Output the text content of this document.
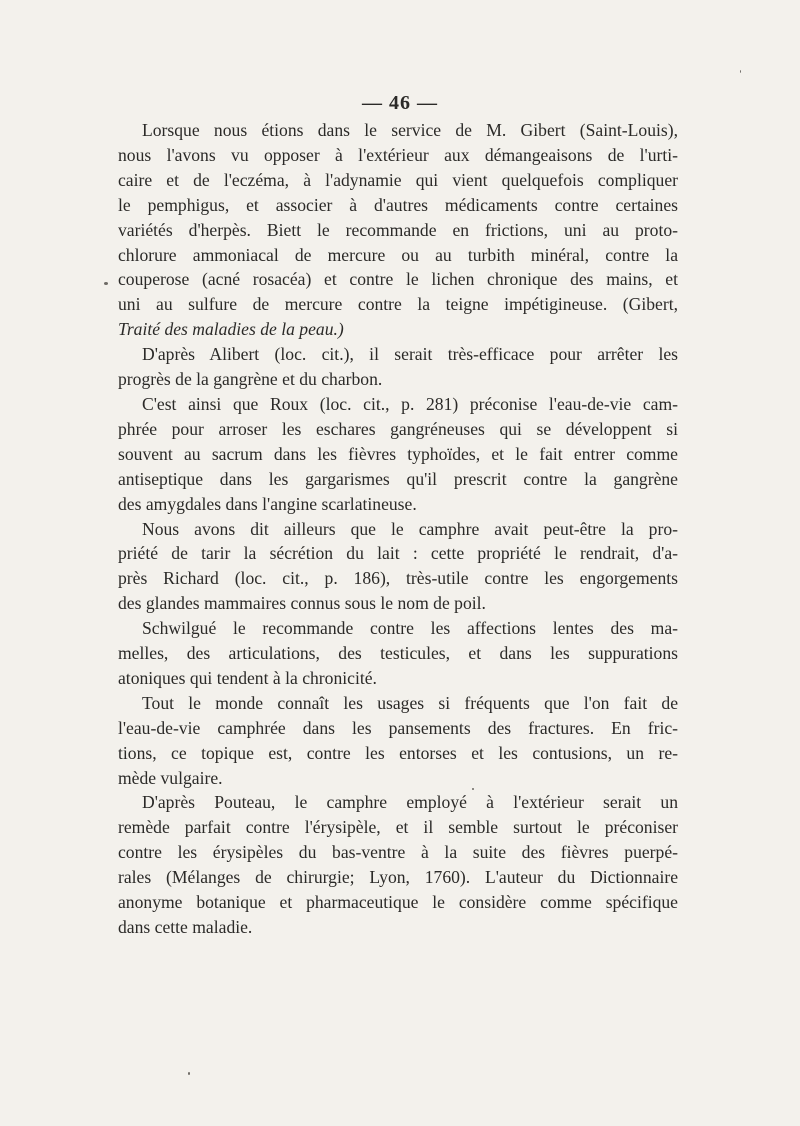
— 46 —

Lorsque nous étions dans le service de M. Gibert (Saint-Louis),
nous l'avons vu opposer à l'extérieur aux démangeaisons de l'urti-
caire et de l'eczéma, à l'adynamie qui vient quelquefois compliquer
le pemphigus, et associer à d'autres médicaments contre certaines
variétés d'herpès. Biett le recommande en frictions, uni au proto-
chlorure ammoniacal de mercure ou au turbith minéral, contre la
couperose (acné rosacéa) et contre le lichen chronique des mains, et
uni au sulfure de mercure contre la teigne impétigineuse. (Gibert,
Traité des maladies de la peau.)

D'après Alibert (loc. cit.), il serait très-efficace pour arrêter les
progrès de la gangrène et du charbon.

C'est ainsi que Roux (loc. cit., p. 281) préconise l'eau-de-vie cam-
phrée pour arroser les eschares gangréneuses qui se développent si
souvent au sacrum dans les fièvres typhoïdes, et le fait entrer comme
antiseptique dans les gargarismes qu'il prescrit contre la gangrène
des amygdales dans l'angine scarlatineuse.

Nous avons dit ailleurs que le camphre avait peut-être la pro-
priété de tarir la sécrétion du lait : cette propriété le rendrait, d'a-
près Richard (loc. cit., p. 186), très-utile contre les engorgements
des glandes mammaires connus sous le nom de poil.

Schwilgué le recommande contre les affections lentes des ma-
melles, des articulations, des testicules, et dans les suppurations
atoniques qui tendent à la chronicité.

Tout le monde connaît les usages si fréquents que l'on fait de
l'eau-de-vie camphrée dans les pansements des fractures. En fric-
tions, ce topique est, contre les entorses et les contusions, un re-
mède vulgaire.

D'après Pouteau, le camphre employé à l'extérieur serait un
remède parfait contre l'érysipèle, et il semble surtout le préconiser
contre les érysipèles du bas-ventre à la suite des fièvres puerpé-
rales (Mélanges de chirurgie; Lyon, 1760). L'auteur du Dictionnaire
anonyme botanique et pharmaceutique le considère comme spécifique
dans cette maladie.
